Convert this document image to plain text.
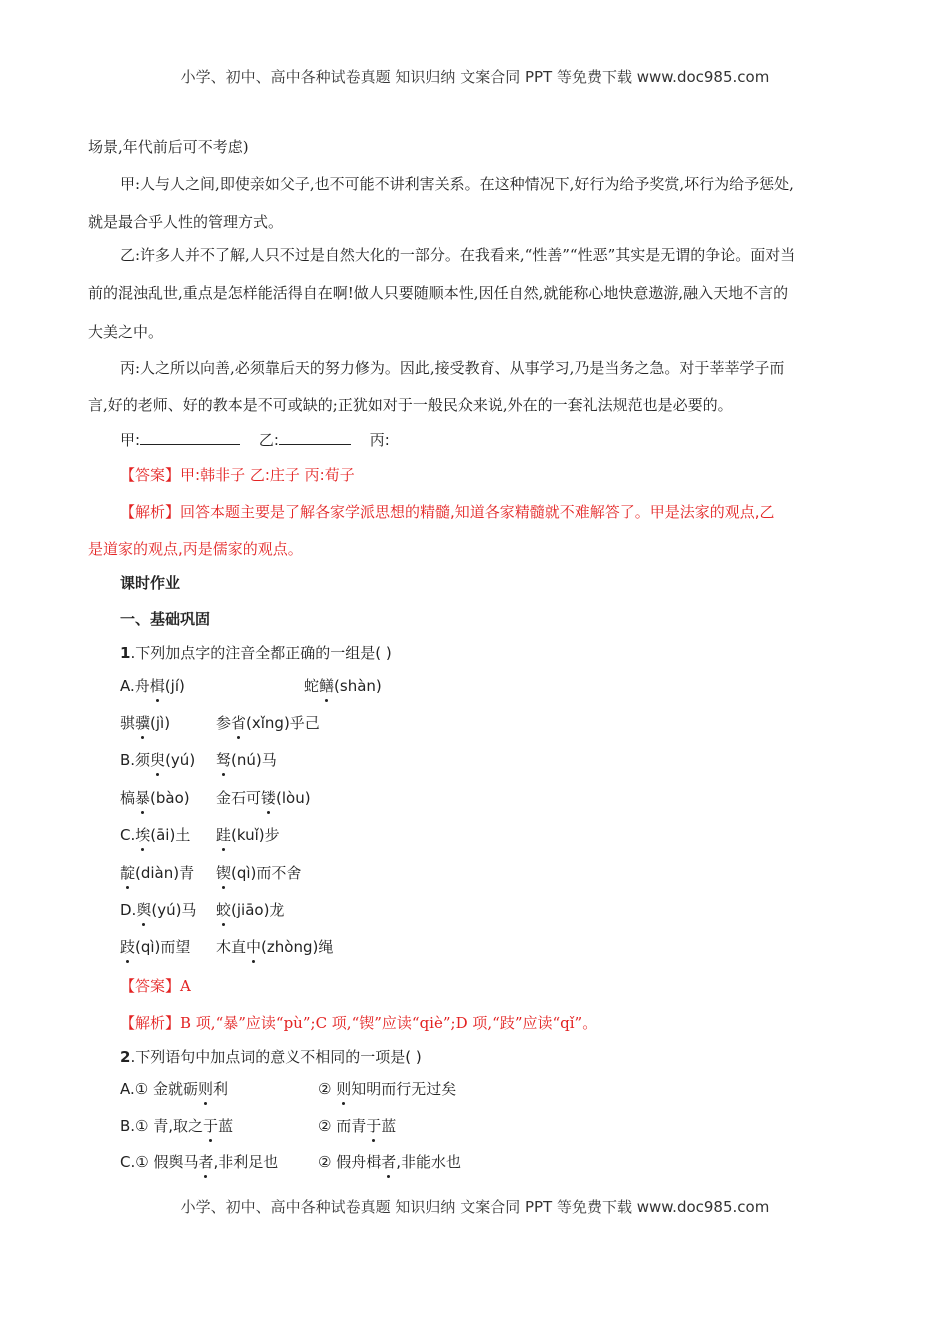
小学、初中、高中各种试卷真题 知识归纳 文案合同 PPT 等免费下载 www.doc985.com
场景,年代前后可不考虑)
甲:人与人之间,即使亲如父子,也不可能不讲利害关系。在这种情况下,好行为给予奖赏,坏行为给予惩处,
就是最合乎人性的管理方式。
乙:许多人并不了解,人只不过是自然大化的一部分。在我看来,“性善”“性恶”其实是无谓的争论。面对当
前的混浊乱世,重点是怎样能活得自在啊!做人只要随顺本性,因任自然,就能称心地快意遨游,融入天地不言的
大美之中。
丙:人之所以向善,必须靠后天的努力修为。因此,接受教育、从事学习,乃是当务之急。对于莘莘学子而
言,好的老师、好的教本是不可或缺的;正犹如对于一般民众来说,外在的一套礼法规范也是必要的。
甲:	乙:	丙:
【答案】甲:韩非子 乙:庄子 丙:荀子
【解析】回答本题主要是了解各家学派思想的精髓,知道各家精髓就不难解答了。甲是法家的观点,乙
是道家的观点,丙是儒家的观点。
课时作业
一、基础巩固
1.下列加点字的注音全都正确的一组是( )
A.舟楫(jí)	蛇鳝(shàn)
骐骥(jì)	参省(xǐng)乎己
B.须臾(yú) 驽(nú)马
槁暴(bào) 金石可镂(lòu)
C.埃(āi)土 跬(kuǐ)步
靛(diàn)青 锲(qì)而不舍
D.舆(yú)马 蛟(jiāo)龙
跂(qì)而望 木直中(zhòng)绳
【答案】A
【解析】B 项,“暴”应读“pù”;C 项,“锲”应读“qiè”;D 项,“跂”应读“qǐ”。
2.下列语句中加点词的意义不相同的一项是( )
A.① 金就砺则利	② 则知明而行无过矣
B.① 青,取之于蓝	② 而青于蓝
C.① 假舆马者,非利足也	② 假舟楫者,非能水也
小学、初中、高中各种试卷真题 知识归纳 文案合同 PPT 等免费下载 www.doc985.com
